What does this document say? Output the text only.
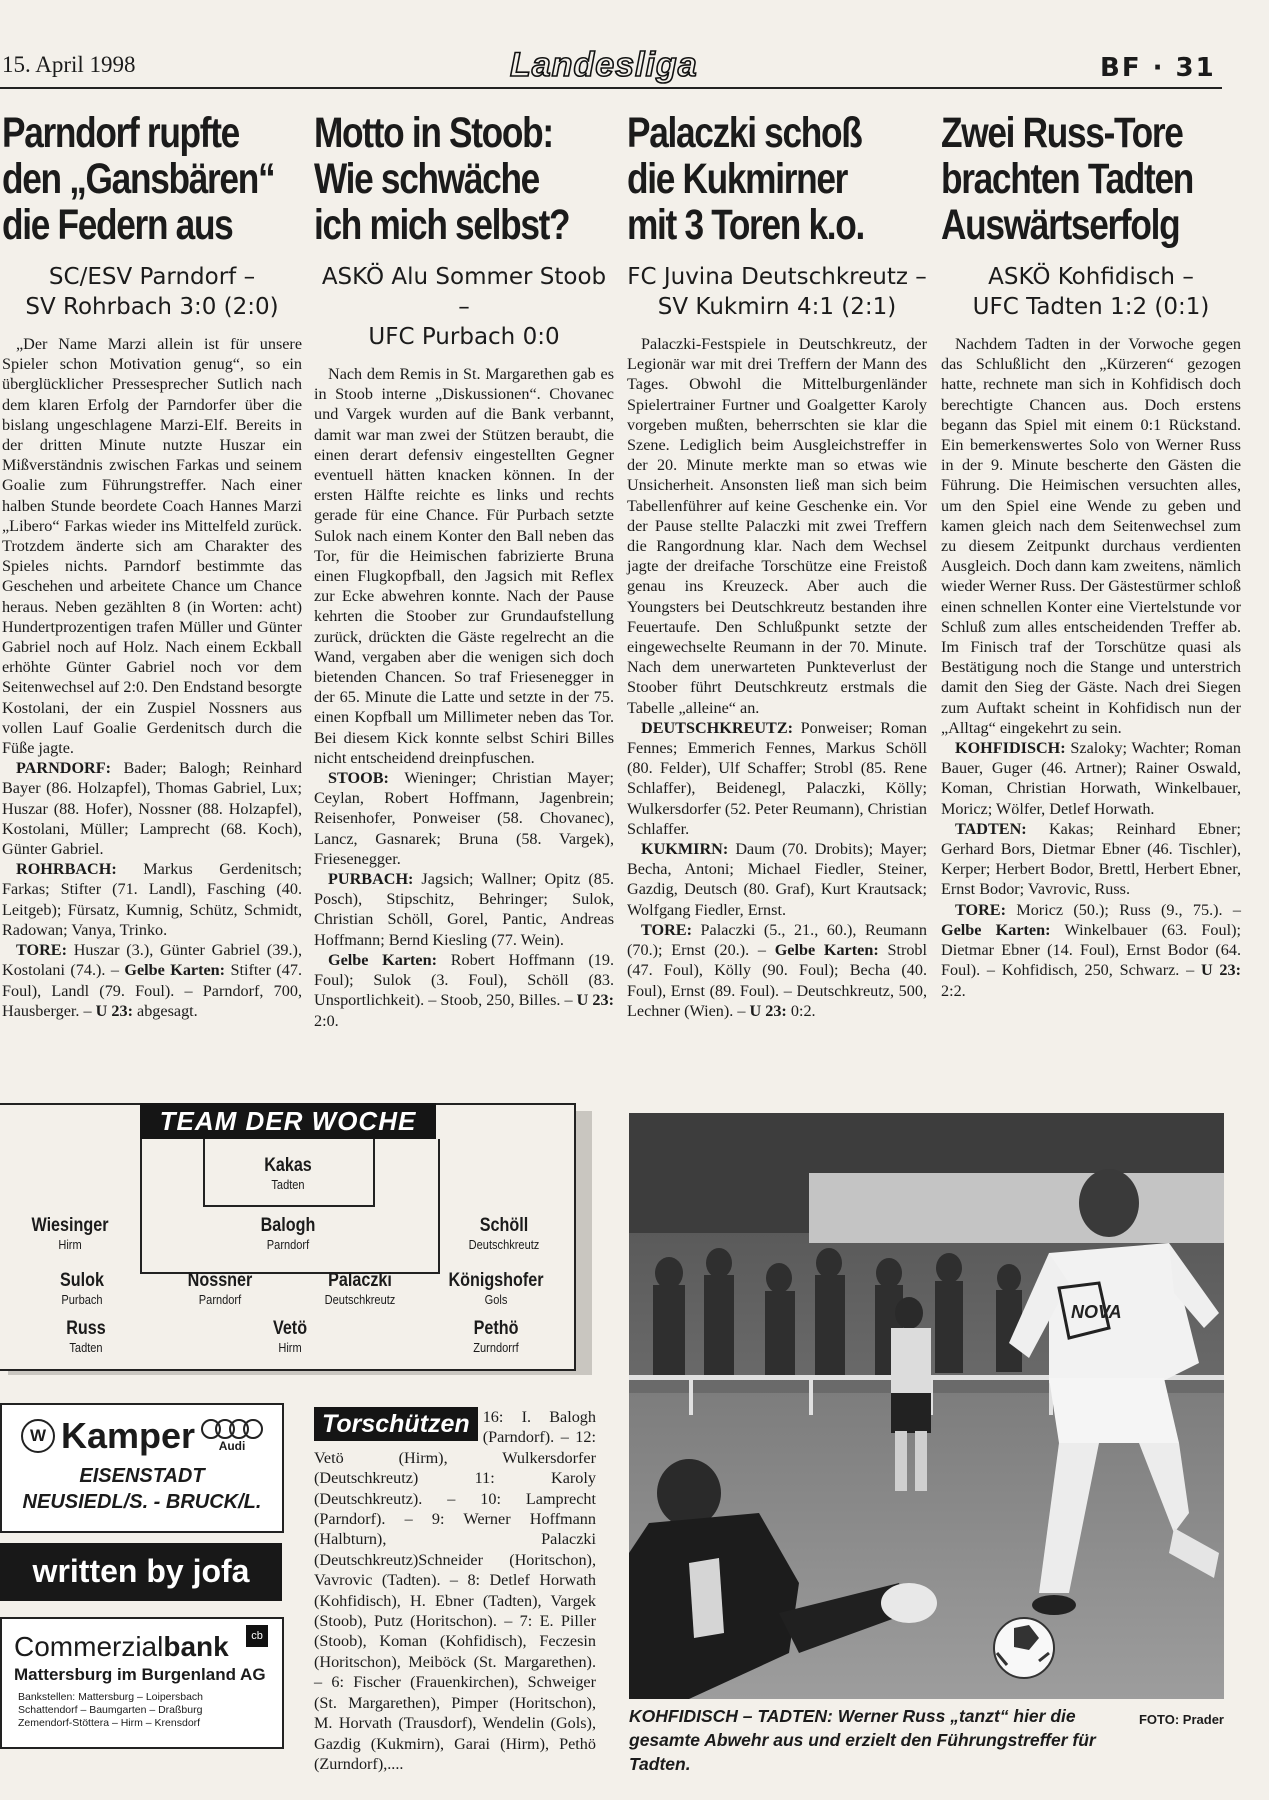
15. April 1998	Landesliga	BF · 31
Parndorf rupfte
den „Gansbären“
die Federn aus
SC/ESV Parndorf –
SV Rohrbach 3:0 (2:0)

„Der Name Marzi allein ist für unsere Spieler schon Motivation genug“, so ein überglücklicher Pressesprecher Sutlich nach dem klaren Erfolg der Parndorfer über die bislang ungeschlagene Marzi-Elf. Bereits in der dritten Minute nutzte Huszar ein Mißverständnis zwischen Farkas und seinem Goalie zum Führungstreffer. Nach einer halben Stunde beordete Coach Hannes Marzi „Libero“ Farkas wieder ins Mittelfeld zurück. Trotzdem änderte sich am Charakter des Spieles nichts. Parndorf bestimmte das Geschehen und arbeitete Chance um Chance heraus. Neben gezählten 8 (in Worten: acht) Hundertprozentigen trafen Müller und Günter Gabriel noch auf Holz. Nach einem Eckball erhöhte Günter Gabriel noch vor dem Seitenwechsel auf 2:0. Den Endstand besorgte Kostolani, der ein Zuspiel Nossners aus vollen Lauf Goalie Gerdenitsch durch die Füße jagte.

PARNDORF: Bader; Balogh; Reinhard Bayer (86. Holzapfel), Thomas Gabriel, Lux; Huszar (88. Hofer), Nossner (88. Holzapfel), Kostolani, Müller; Lamprecht (68. Koch), Günter Gabriel.

ROHRBACH: Markus Gerdenitsch; Farkas; Stifter (71. Landl), Fasching (40. Leitgeb); Fürsatz, Kumnig, Schütz, Schmidt, Radowan; Vanya, Trinko.

TORE: Huszar (3.), Günter Gabriel (39.), Kostolani (74.). – Gelbe Karten: Stifter (47. Foul), Landl (79. Foul). – Parndorf, 700, Hausberger. – U 23: abgesagt.

Motto in Stoob:
Wie schwäche
ich mich selbst?
ASKÖ Alu Sommer Stoob –
UFC Purbach 0:0

Nach dem Remis in St. Margarethen gab es in Stoob interne „Diskussionen“. Chovanec und Vargek wurden auf die Bank verbannt, damit war man zwei der Stützen beraubt, die einen derart defensiv eingestellten Gegner eventuell hätten knacken können. In der ersten Hälfte reichte es links und rechts gerade für eine Chance. Für Purbach setzte Sulok nach einem Konter den Ball neben das Tor, für die Heimischen fabrizierte Bruna einen Flugkopfball, den Jagsich mit Reflex zur Ecke abwehren konnte. Nach der Pause kehrten die Stoober zur Grundaufstellung zurück, drückten die Gäste regelrecht an die Wand, vergaben aber die wenigen sich doch bietenden Chancen. So traf Friesenegger in der 65. Minute die Latte und setzte in der 75. einen Kopfball um Millimeter neben das Tor. Bei diesem Kick konnte selbst Schiri Billes nicht entscheidend dreinpfuschen.

STOOB: Wieninger; Christian Mayer; Ceylan, Robert Hoffmann, Jagenbrein; Reisenhofer, Ponweiser (58. Chovanec), Lancz, Gasnarek; Bruna (58. Vargek), Friesenegger.

PURBACH: Jagsich; Wallner; Opitz (85. Posch), Stipschitz, Behringer; Sulok, Christian Schöll, Gorel, Pantic, Andreas Hoffmann; Bernd Kiesling (77. Wein).

Gelbe Karten: Robert Hoffmann (19. Foul); Sulok (3. Foul), Schöll (83. Unsportlichkeit). – Stoob, 250, Billes. – U 23: 2:0.

Palaczki schoß
die Kukmirner
mit 3 Toren k.o.
FC Juvina Deutschkreutz –
SV Kukmirn 4:1 (2:1)

Palaczki-Festspiele in Deutschkreutz, der Legionär war mit drei Treffern der Mann des Tages. Obwohl die Mittelburgenländer Spielertrainer Furtner und Goalgetter Karoly vorgeben mußten, beherrschten sie klar die Szene. Lediglich beim Ausgleichstreffer in der 20. Minute merkte man so etwas wie Unsicherheit. Ansonsten ließ man sich beim Tabellenführer auf keine Geschenke ein. Vor der Pause stellte Palaczki mit zwei Treffern die Rangordnung klar. Nach dem Wechsel jagte der dreifache Torschütze eine Freistoß genau ins Kreuzeck. Aber auch die Youngsters bei Deutschkreutz bestanden ihre Feuertaufe. Den Schlußpunkt setzte der eingewechselte Reumann in der 70. Minute. Nach dem unerwarteten Punkteverlust der Stoober führt Deutschkreutz erstmals die Tabelle „alleine“ an.

DEUTSCHKREUTZ: Ponweiser; Roman Fennes; Emmerich Fennes, Markus Schöll (80. Felder), Ulf Schaffer; Strobl (85. Rene Schlaffer), Beidenegl, Palaczki, Kölly; Wulkersdorfer (52. Peter Reumann), Christian Schlaffer.

KUKMIRN: Daum (70. Drobits); Mayer; Becha, Antoni; Michael Fiedler, Steiner, Gazdig, Deutsch (80. Graf), Kurt Krautsack; Wolfgang Fiedler, Ernst.

TORE: Palaczki (5., 21., 60.), Reumann (70.); Ernst (20.). – Gelbe Karten: Strobl (47. Foul), Kölly (90. Foul); Becha (40. Foul), Ernst (89. Foul). – Deutschkreutz, 500, Lechner (Wien). – U 23: 0:2.

Zwei Russ-Tore
brachten Tadten
Auswärtserfolg
ASKÖ Kohfidisch –
UFC Tadten 1:2 (0:1)

Nachdem Tadten in der Vorwoche gegen das Schlußlicht den „Kürzeren“ gezogen hatte, rechnete man sich in Kohfidisch doch berechtigte Chancen aus. Doch erstens begann das Spiel mit einem 0:1 Rückstand. Ein bemerkenswertes Solo von Werner Russ in der 9. Minute bescherte den Gästen die Führung. Die Heimischen versuchten alles, um den Spiel eine Wende zu geben und kamen gleich nach dem Seitenwechsel zum zu diesem Zeitpunkt durchaus verdienten Ausgleich. Doch dann kam zweitens, nämlich wieder Werner Russ. Der Gästestürmer schloß einen schnellen Konter eine Viertelstunde vor Schluß zum alles entscheidenden Treffer ab. Im Finisch traf der Torschütze quasi als Bestätigung noch die Stange und unterstrich damit den Sieg der Gäste. Nach drei Siegen zum Auftakt scheint in Kohfidisch nun der „Alltag“ eingekehrt zu sein.

KOHFIDISCH: Szaloky; Wachter; Roman Bauer, Guger (46. Artner); Rainer Oswald, Koman, Christian Horwath, Winkelbauer, Moricz; Wölfer, Detlef Horwath.

TADTEN: Kakas; Reinhard Ebner; Gerhard Bors, Dietmar Ebner (46. Tischler), Kerper; Herbert Bodor, Brettl, Herbert Ebner, Ernst Bodor; Vavrovic, Russ.

TORE: Moricz (50.); Russ (9., 75.). – Gelbe Karten: Winkelbauer (63. Foul); Dietmar Ebner (14. Foul), Ernst Bodor (64. Foul). – Kohfidisch, 250, Schwarz. – U 23: 2:2.

TEAM DER WOCHE
Kakas
Tadten
Wiesinger
Hirm
Balogh
Parndorf
Schöll
Deutschkreutz
Sulok
Purbach
Nossner
Parndorf
Palaczki
Deutschkreutz
Königshofer
Gols
Russ
Tadten
Vetö
Hirm
Pethö
Zurndorrf
W Kamper Audi
EISENSTADT
NEUSIEDL/S. - BRUCK/L.
written by jofa
Commerzialbank	cb
Mattersburg im Burgenland AG
Bankstellen: Mattersburg – Loipersbach
Schattendorf – Baumgarten – Draßburg
Zemendorf-Stöttera – Hirm – Krensdorf
Torschützen 16: I. Balogh (Parndorf). – 12: Vetö (Hirm), Wulkersdorfer (Deutschkreutz) 11: Karoly (Deutschkreutz). – 10: Lamprecht (Parndorf). – 9: Werner Hoffmann (Halbturn), Palaczki (Deutschkreutz)Schneider (Horitschon), Vavrovic (Tadten). – 8: Detlef Horwath (Kohfidisch), H. Ebner (Tadten), Vargek (Stoob), Putz (Horitschon). – 7: E. Piller (Stoob), Koman (Kohfidisch), Feczesin (Horitschon), Meiböck (St. Margarethen). – 6: Fischer (Frauenkirchen), Schweiger (St. Margarethen), Pimper (Horitschon), M. Horvath (Trausdorf), Wendelin (Gols), Gazdig (Kukmirn), Garai (Hirm), Pethö (Zurndorf),....
NOVA
FOTO: Prader
KOHFIDISCH – TADTEN: Werner Russ „tanzt“ hier die gesamte Abwehr aus und erzielt den Führungstreffer für Tadten.
